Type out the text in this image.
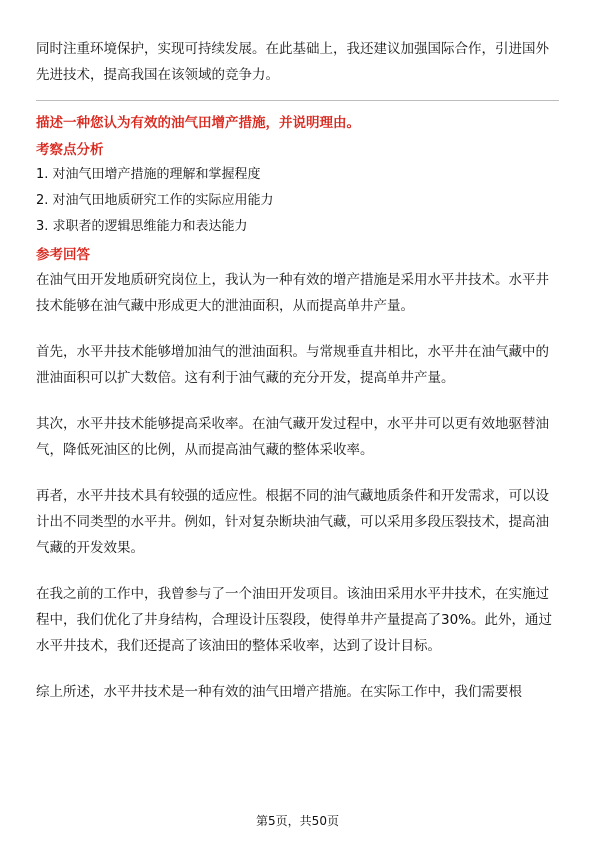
同时注重环境保护，实现可持续发展。在此基础上，我还建议加强国际合作，引进国外先进技术，提高我国在该领域的竞争力。

描述一种您认为有效的油气田增产措施，并说明理由。
考察点分析
1. 对油气田增产措施的理解和掌握程度
2. 对油气田地质研究工作的实际应用能力
3. 求职者的逻辑思维能力和表达能力
参考回答

在油气田开发地质研究岗位上，我认为一种有效的增产措施是采用水平井技术。水平井技术能够在油气藏中形成更大的泄油面积，从而提高单井产量。

首先，水平井技术能够增加油气的泄油面积。与常规垂直井相比，水平井在油气藏中的泄油面积可以扩大数倍。这有利于油气藏的充分开发，提高单井产量。

其次，水平井技术能够提高采收率。在油气藏开发过程中，水平井可以更有效地驱替油气，降低死油区的比例，从而提高油气藏的整体采收率。

再者，水平井技术具有较强的适应性。根据不同的油气藏地质条件和开发需求，可以设计出不同类型的水平井。例如，针对复杂断块油气藏，可以采用多段压裂技术，提高油气藏的开发效果。

在我之前的工作中，我曾参与了一个油田开发项目。该油田采用水平井技术，在实施过程中，我们优化了井身结构，合理设计压裂段，使得单井产量提高了30%。此外，通过水平井技术，我们还提高了该油田的整体采收率，达到了设计目标。

综上所述，水平井技术是一种有效的油气田增产措施。在实际工作中，我们需要根

第5页，共50页
